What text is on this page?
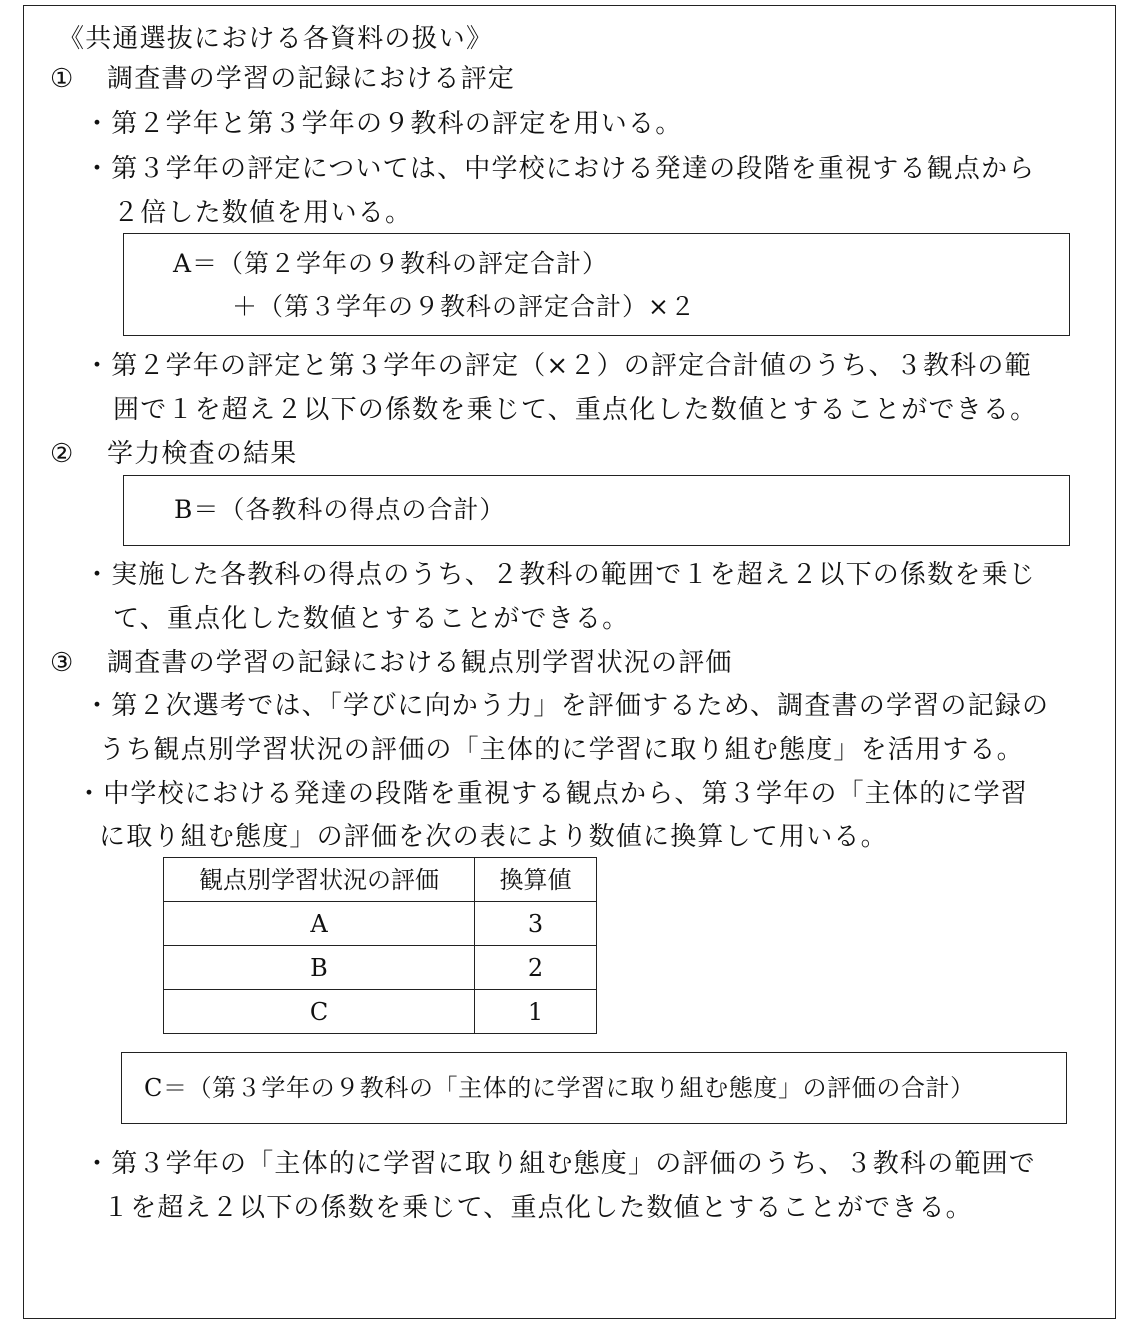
《共通選抜における各資料の扱い》
① 調査書の学習の記録における評定
・第２学年と第３学年の９教科の評定を用いる。
・第３学年の評定については、中学校における発達の段階を重視する観点から
２倍した数値を用いる。
A＝（第２学年の９教科の評定合計）
＋（第３学年の９教科の評定合計）×２
・第２学年の評定と第３学年の評定（×２）の評定合計値のうち、３教科の範
囲で１を超え２以下の係数を乗じて、重点化した数値とすることができる。
② 学力検査の結果
B＝（各教科の得点の合計）
・実施した各教科の得点のうち、２教科の範囲で１を超え２以下の係数を乗じ
て、重点化した数値とすることができる。
③ 調査書の学習の記録における観点別学習状況の評価
・第２次選考では、「学びに向かう力」を評価するため、調査書の学習の記録の
うち観点別学習状況の評価の「主体的に学習に取り組む態度」を活用する。
・中学校における発達の段階を重視する観点から、第３学年の「主体的に学習
に取り組む態度」の評価を次の表により数値に換算して用いる。
観点別学習状況の評価	換算値
A	3
B	2
C	1
C＝（第３学年の９教科の「主体的に学習に取り組む態度」の評価の合計）
・第３学年の「主体的に学習に取り組む態度」の評価のうち、３教科の範囲で
１を超え２以下の係数を乗じて、重点化した数値とすることができる。
